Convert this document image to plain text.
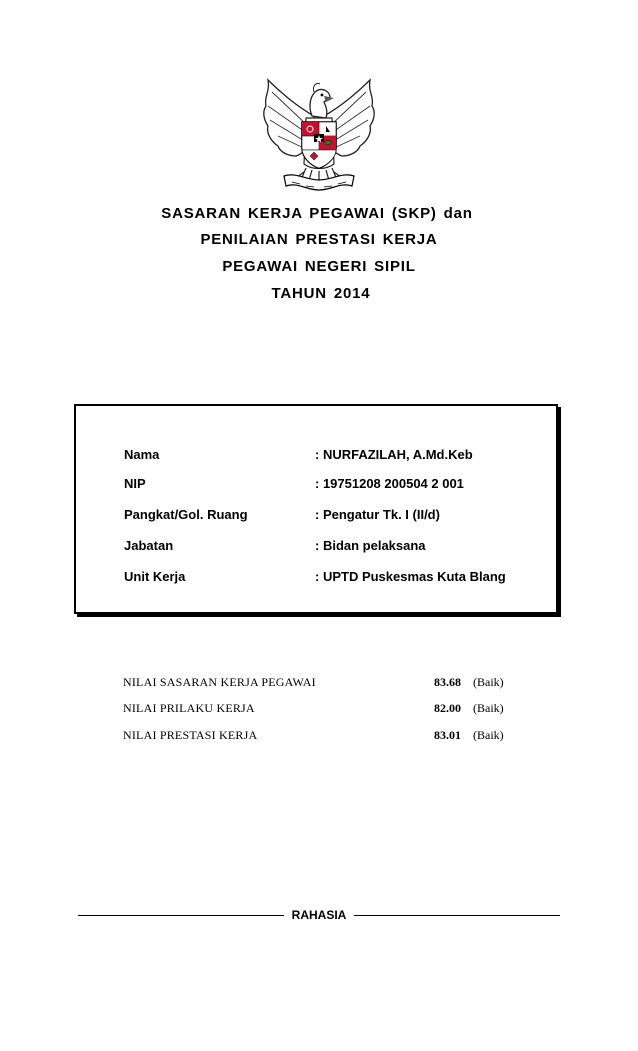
SASARAN KERJA PEGAWAI (SKP) dan
PENILAIAN PRESTASI KERJA
PEGAWAI NEGERI SIPIL
TAHUN 2014
Nama	: NURFAZILAH, A.Md.Keb
NIP	: 19751208 200504 2 001
Pangkat/Gol. Ruang	: Pengatur Tk. I (II/d)
Jabatan	: Bidan pelaksana
Unit Kerja	: UPTD Puskesmas Kuta Blang
NILAI SASARAN KERJA PEGAWAI	83.68 (Baik)
NILAI PRILAKU KERJA	82.00 (Baik)
NILAI PRESTASI KERJA	83.01 (Baik)
RAHASIA
